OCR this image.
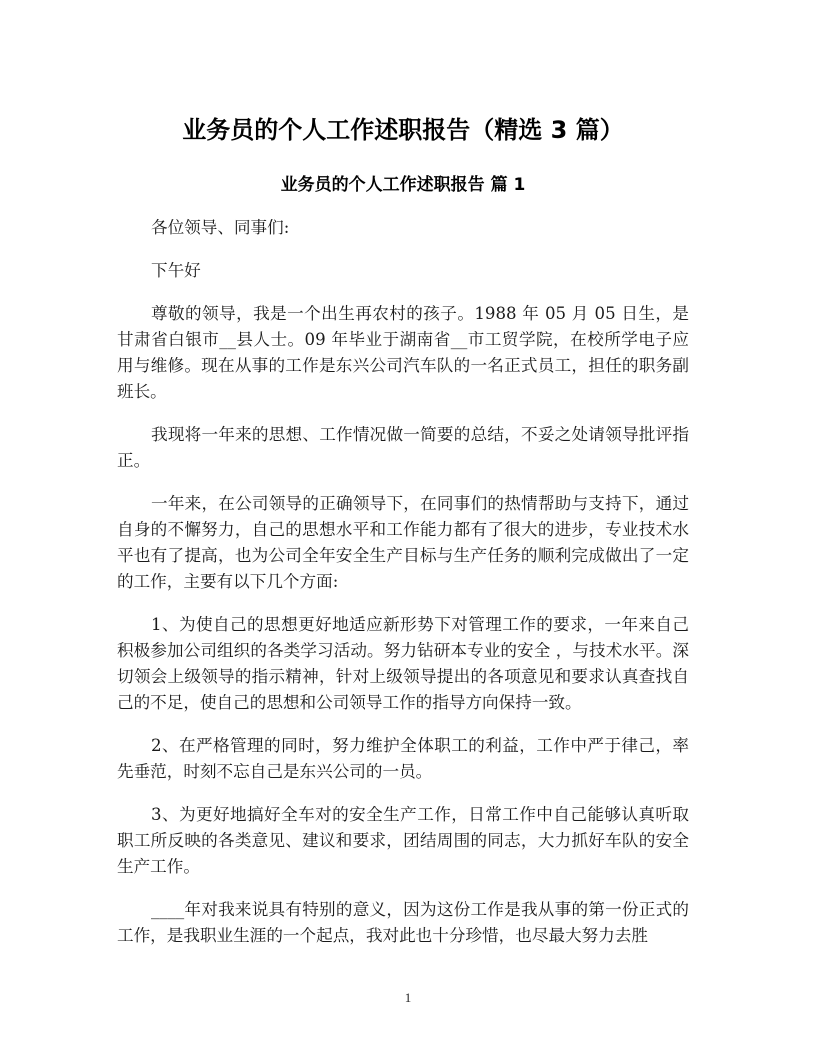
业务员的个人工作述职报告（精选 3 篇）
业务员的个人工作述职报告 篇 1

各位领导、同事们:

下午好

尊敬的领导，我是一个出生再农村的孩子。1988 年 05 月 05 日生，是甘肃省白银市__县人士。09 年毕业于湖南省__市工贸学院，在校所学电子应用与维修。现在从事的工作是东兴公司汽车队的一名正式员工，担任的职务副班长。

我现将一年来的思想、工作情况做一简要的总结，不妥之处请领导批评指正。

一年来，在公司领导的正确领导下，在同事们的热情帮助与支持下，通过自身的不懈努力，自己的思想水平和工作能力都有了很大的进步，专业技术水平也有了提高，也为公司全年安全生产目标与生产任务的顺利完成做出了一定的工作，主要有以下几个方面:

1、为使自己的思想更好地适应新形势下对管理工作的要求，一年来自己积极参加公司组织的各类学习活动。努力钻研本专业的安全 ，与技术水平。深切领会上级领导的指示精神，针对上级领导提出的各项意见和要求认真查找自己的不足，使自己的思想和公司领导工作的指导方向保持一致。

2、在严格管理的同时，努力维护全体职工的利益，工作中严于律己，率先垂范，时刻不忘自己是东兴公司的一员。

3、为更好地搞好全车对的安全生产工作，日常工作中自己能够认真听取职工所反映的各类意见、建议和要求，团结周围的同志，大力抓好车队的安全生产工作。

____年对我来说具有特别的意义，因为这份工作是我从事的第一份正式的工作，是我职业生涯的一个起点，我对此也十分珍惜，也尽最大努力去胜

1
